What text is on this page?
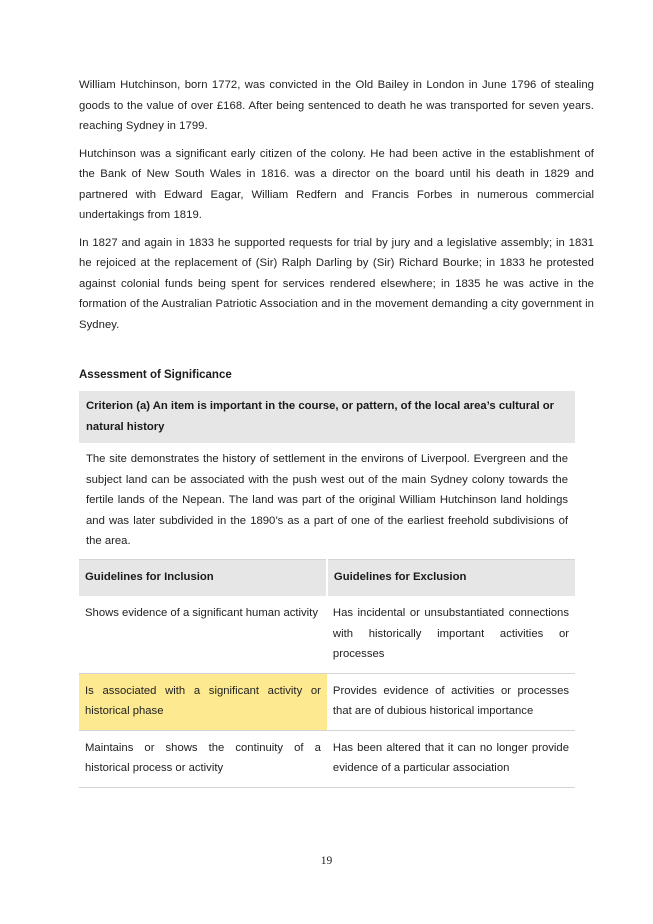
William Hutchinson, born 1772, was convicted in the Old Bailey in London in June 1796 of stealing goods to the value of over £168. After being sentenced to death he was transported for seven years. reaching Sydney in 1799.

Hutchinson was a significant early citizen of the colony. He had been active in the establishment of the Bank of New South Wales in 1816. was a director on the board until his death in 1829 and partnered with Edward Eagar, William Redfern and Francis Forbes in numerous commercial undertakings from 1819.

In 1827 and again in 1833 he supported requests for trial by jury and a legislative assembly; in 1831 he rejoiced at the replacement of (Sir) Ralph Darling by (Sir) Richard Bourke; in 1833 he protested against colonial funds being spent for services rendered elsewhere; in 1835 he was active in the formation of the Australian Patriotic Association and in the movement demanding a city government in Sydney.

Assessment of Significance
Criterion (a) An item is important in the course, or pattern, of the local area’s cultural or natural history	
The site demonstrates the history of settlement in the environs of Liverpool. Evergreen and the subject land can be associated with the push west out of the main Sydney colony towards the fertile lands of the Nepean. The land was part of the original William Hutchinson land holdings and was later subdivided in the 1890’s as a part of one of the earliest freehold subdivisions of the area.	
Guidelines for Inclusion	Guidelines for Exclusion
Shows evidence of a significant human activity	Has incidental or unsubstantiated connections with historically important activities or processes
Is associated with a significant activity or historical phase	Provides evidence of activities or processes that are of dubious historical importance
Maintains or shows the continuity of a historical process or activity	Has been altered that it can no longer provide evidence of a particular association
19
